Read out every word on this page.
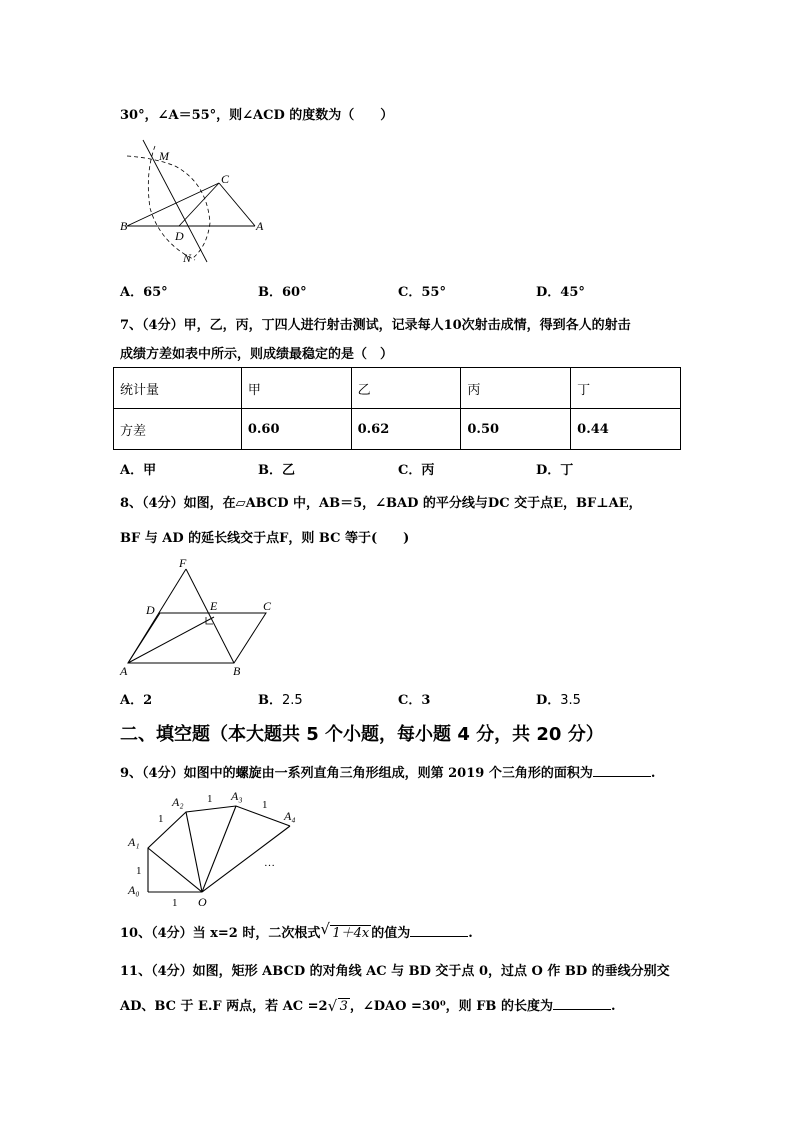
30°，∠A＝55°，则∠ACD 的度数为（　　）
M
C
B
D
A
N
A．65°	B．60°	C．55°	D．45°
7、（4分）甲，乙，丙，丁四人进行射击测试，记录每人10次射击成情，得到各人的射击
成绩方差如表中所示，则成绩最稳定的是（　）
统计量	甲	乙	丙	丁
方差	0.60	0.62	0.50	0.44
A．甲	B．乙	C．丙	D．丁
8、（4分）如图，在▱ABCD 中，AB＝5，∠BAD 的平分线与DC 交于点E，BF⊥AE，
BF 与 AD 的延长线交于点F，则 BC 等于(　　)
F
D	E	C
A	B
A．2	B．2.5	C．3	D．3.5
二、填空题（本大题共 5 个小题，每小题 4 分，共 20 分）
9、（4分）如图中的螺旋由一系列直角三角形组成，则第 2019 个三角形的面积为	.
A₂ 1 A₃
1
A₄
1
A₁
1
A₀
1 O
…
10、（4分）当 x=2 时，二次根式 √ 1＋4x 的值为	.
11、（4分）如图，矩形 ABCD 的对角线 AC 与 BD 交于点 0，过点 O 作 BD 的垂线分别交
AD、BC 于 E.F 两点，若 AC =2 √ 3 ，∠DAO =30⁰，则 FB 的长度为	.
